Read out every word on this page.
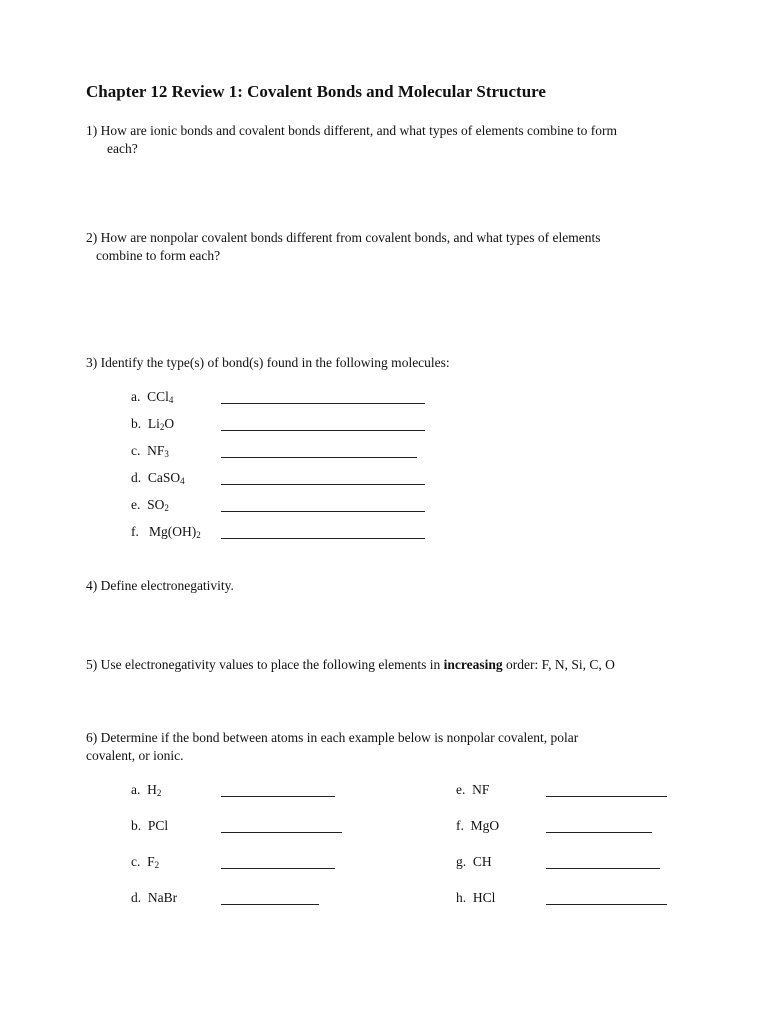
Chapter 12 Review 1: Covalent Bonds and Molecular Structure
1) How are ionic bonds and covalent bonds different, and what types of elements combine to form
each?
2) How are nonpolar covalent bonds different from covalent bonds, and what types of elements
combine to form each?
3) Identify the type(s) of bond(s) found in the following molecules:
a. CCl$_4$
b. $Li_2O$
c. $NF_3$
d. CaSO$_4$
e. $SO_2$
f. $Mg(OH)_2$
4) Define electronegativity.
5) Use electronegativity values to place the following elements in increasing order: F, N, Si, C, O
6) Determine if the bond between atoms in each example below is nonpolar covalent, polar
covalent, or ionic.
a. $H_2$
b. PCl
c. $F_2$
d. NaBr
e. NF
f. MgO
g. CH
h. HCl
